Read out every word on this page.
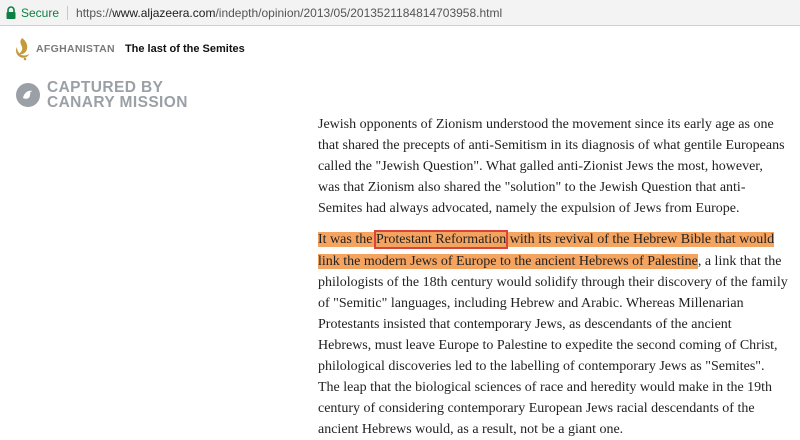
Secure https://www.aljazeera.com/indepth/opinion/2013/05/201352118481470395​8.html
AFGHANISTAN The last of the Semites
CAPTURED BY
CANARY MISSION

Jewish opponents of Zionism understood the movement since its early age as one that shared the precepts of anti-Semitism in its diagnosis of what gentile Europeans called the "Jewish Question". What galled anti-Zionist Jews the most, however, was that Zionism also shared the "solution" to the Jewish Question that anti-Semites had always advocated, namely the expulsion of Jews from Europe.

It was the Protestant Reformation with its revival of the Hebrew Bible that would link the modern Jews of Europe to the ancient Hebrews of Palestine, a link that the philologists of the 18th century would solidify through their discovery of the family of "Semitic" languages, including Hebrew and Arabic. Whereas Millenarian Protestants insisted that contemporary Jews, as descendants of the ancient Hebrews, must leave Europe to Palestine to expedite the second coming of Christ, philological discoveries led to the labelling of contemporary Jews as "Semites". The leap that the biological sciences of race and heredity would make in the 19th century of considering contemporary European Jews racial descendants of the ancient Hebrews would, as a result, not be a giant one.
